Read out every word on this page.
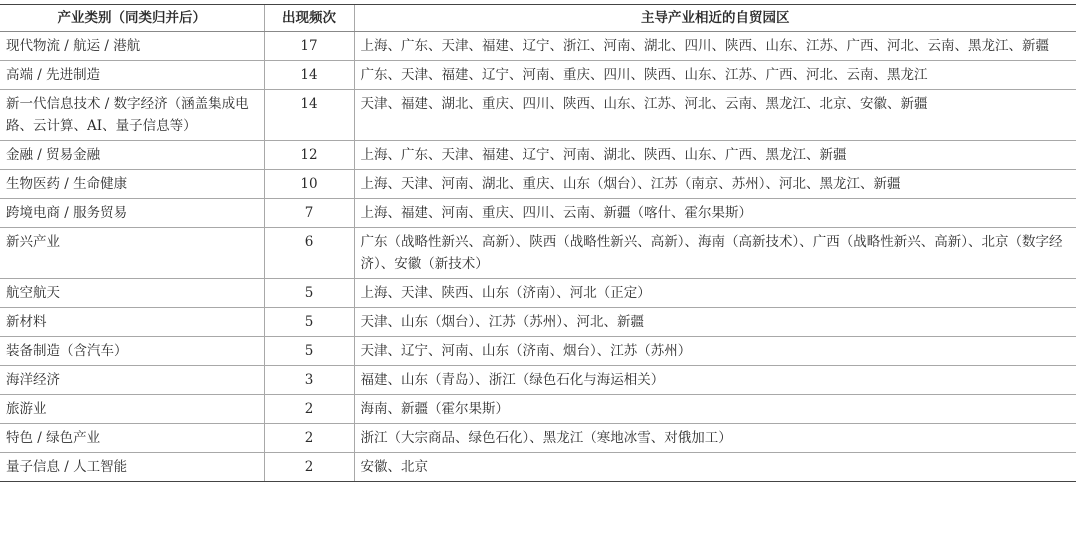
产业类别（同类归并后）	出现频次	主导产业相近的自贸园区
现代物流 / 航运 / 港航	17	上海、广东、天津、福建、辽宁、浙江、河南、湖北、四川、陕西、山东、江苏、广西、河北、云南、黑龙江、新疆
高端 / 先进制造	14	广东、天津、福建、辽宁、河南、重庆、四川、陕西、山东、江苏、广西、河北、云南、黑龙江
新一代信息技术 / 数字经济（涵盖集成电路、云计算、AI、量子信息等）	14	天津、福建、湖北、重庆、四川、陕西、山东、江苏、河北、云南、黑龙江、北京、安徽、新疆
金融 / 贸易金融	12	上海、广东、天津、福建、辽宁、河南、湖北、陕西、山东、广西、黑龙江、新疆
生物医药 / 生命健康	10	上海、天津、河南、湖北、重庆、山东（烟台）、江苏（南京、苏州）、河北、黑龙江、新疆
跨境电商 / 服务贸易	7	上海、福建、河南、重庆、四川、云南、新疆（喀什、霍尔果斯）
新兴产业	6	广东（战略性新兴、高新）、陕西（战略性新兴、高新）、海南（高新技术）、广西（战略性新兴、高新）、北京（数字经济）、安徽（新技术）
航空航天	5	上海、天津、陕西、山东（济南）、河北（正定）
新材料	5	天津、山东（烟台）、江苏（苏州）、河北、新疆
装备制造（含汽车）	5	天津、辽宁、河南、山东（济南、烟台）、江苏（苏州）
海洋经济	3	福建、山东（青岛）、浙江（绿色石化与海运相关）
旅游业	2	海南、新疆（霍尔果斯）
特色 / 绿色产业	2	浙江（大宗商品、绿色石化）、黑龙江（寒地冰雪、对俄加工）
量子信息 / 人工智能	2	安徽、北京
